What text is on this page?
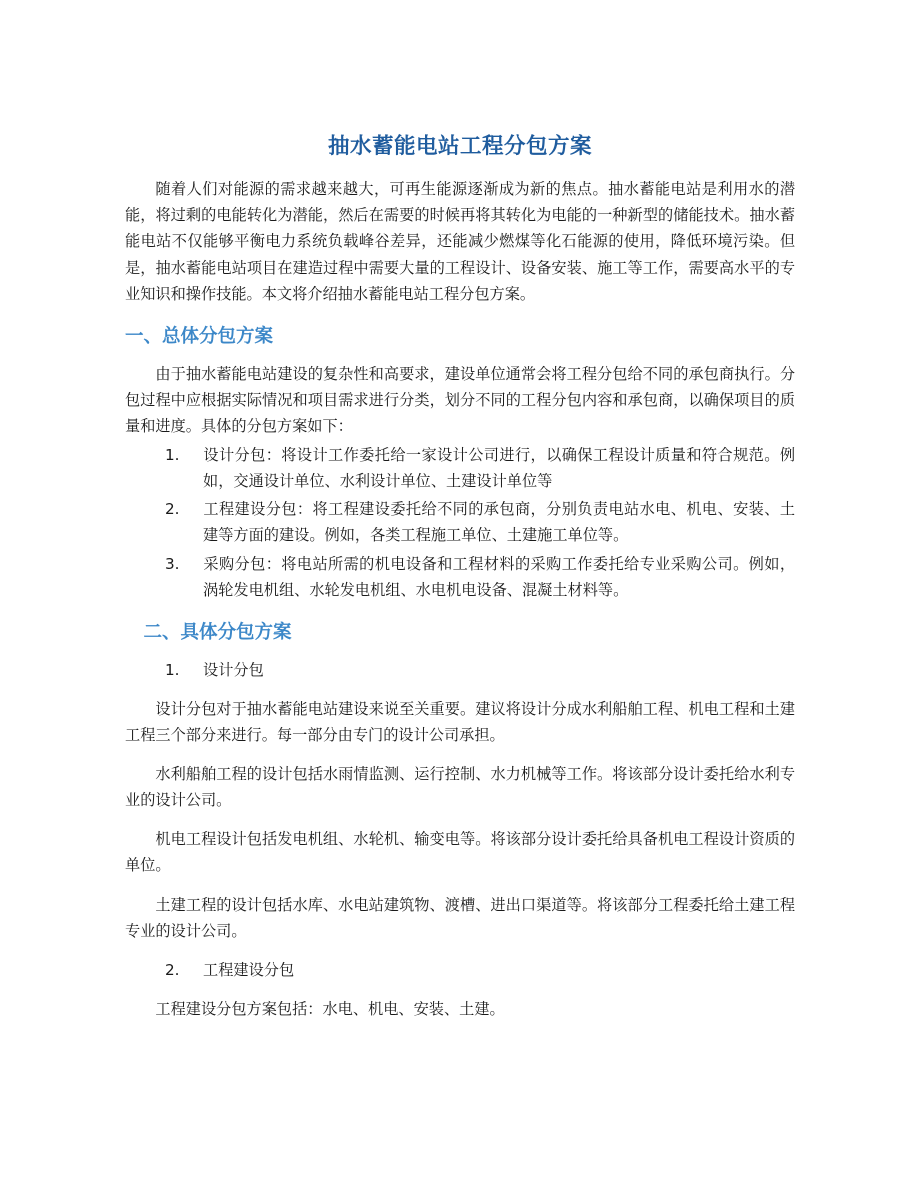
抽水蓄能电站工程分包方案

随着人们对能源的需求越来越大，可再生能源逐渐成为新的焦点。抽水蓄能电站是利用水的潜能，将过剩的电能转化为潜能，然后在需要的时候再将其转化为电能的一种新型的储能技术。抽水蓄能电站不仅能够平衡电力系统负载峰谷差异，还能减少燃煤等化石能源的使用，降低环境污染。但是，抽水蓄能电站项目在建造过程中需要大量的工程设计、设备安装、施工等工作，需要高水平的专业知识和操作技能。本文将介绍抽水蓄能电站工程分包方案。

一、总体分包方案

由于抽水蓄能电站建设的复杂性和高要求，建设单位通常会将工程分包给不同的承包商执行。分包过程中应根据实际情况和项目需求进行分类，划分不同的工程分包内容和承包商，以确保项目的质量和进度。具体的分包方案如下：

1. 设计分包：将设计工作委托给一家设计公司进行，以确保工程设计质量和符合规范。例如，交通设计单位、水利设计单位、土建设计单位等
2. 工程建设分包：将工程建设委托给不同的承包商，分别负责电站水电、机电、安装、土建等方面的建设。例如，各类工程施工单位、土建施工单位等。
3. 采购分包：将电站所需的机电设备和工程材料的采购工作委托给专业采购公司。例如，涡轮发电机组、水轮发电机组、水电机电设备、混凝土材料等。
二、具体分包方案
1. 设计分包

设计分包对于抽水蓄能电站建设来说至关重要。建议将设计分成水利船舶工程、机电工程和土建工程三个部分来进行。每一部分由专门的设计公司承担。

水利船舶工程的设计包括水雨情监测、运行控制、水力机械等工作。将该部分设计委托给水利专业的设计公司。

机电工程设计包括发电机组、水轮机、输变电等。将该部分设计委托给具备机电工程设计资质的单位。

土建工程的设计包括水库、水电站建筑物、渡槽、进出口渠道等。将该部分工程委托给土建工程专业的设计公司。

2. 工程建设分包

工程建设分包方案包括：水电、机电、安装、土建。
